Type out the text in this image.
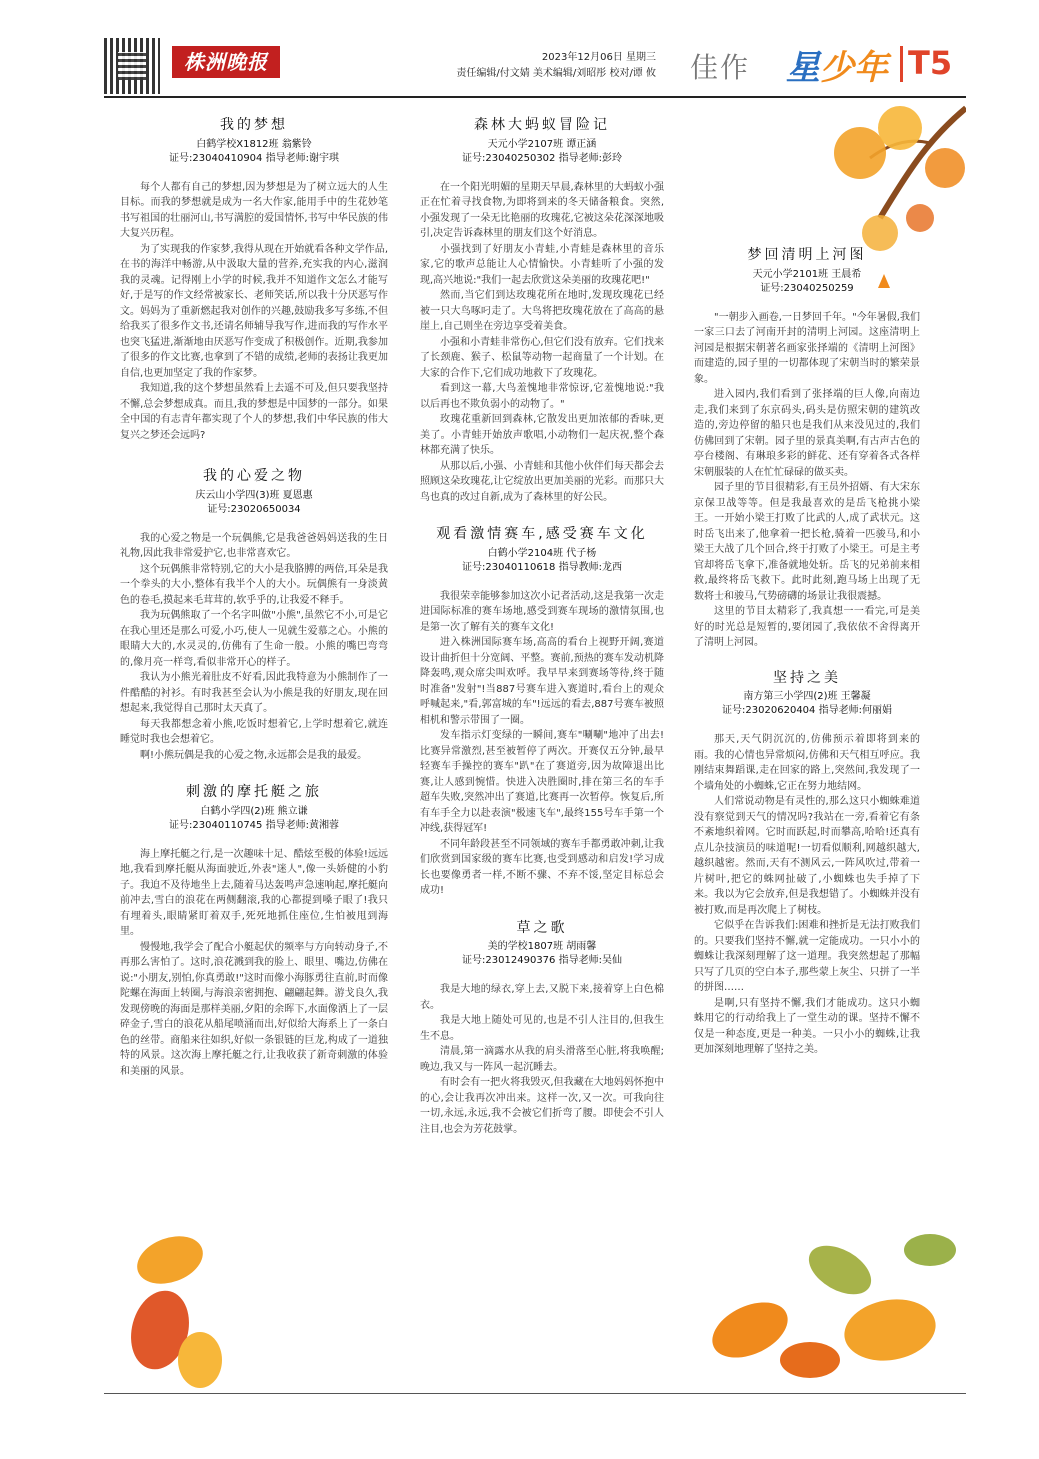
株洲晚报	2023年12月06日 星期三
责任编辑/付文婧 美术编辑/刘昭彤 校对/谭 攸 佳作 星少年 T5
我的梦想
白鹤学校X1812班 翁紫铃
证号:23040410904 指导老师:谢宇琪

每个人都有自己的梦想,因为梦想是为了树立远大的人生目标。而我的梦想就是成为一名大作家,能用手中的生花妙笔书写祖国的壮丽河山,书写满腔的爱国情怀,书写中华民族的伟大复兴历程。

为了实现我的作家梦,我得从现在开始就看各种文学作品,在书的海洋中畅游,从中汲取大量的营养,充实我的内心,滋润我的灵魂。记得刚上小学的时候,我并不知道作文怎么才能写好,于是写的作文经常被家长、老师笑话,所以我十分厌恶写作文。妈妈为了重新燃起我对创作的兴趣,鼓励我多写多练,不但给我买了很多作文书,还请名师辅导我写作,进而我的写作水平也突飞猛进,渐渐地由厌恶写作变成了积极创作。近期,我参加了很多的作文比赛,也拿到了不错的成绩,老师的表扬让我更加自信,也更加坚定了我的作家梦。

我知道,我的这个梦想虽然看上去遥不可及,但只要我坚持不懈,总会梦想成真。而且,我的梦想是中国梦的一部分。如果全中国的有志青年都实现了个人的梦想,我们中华民族的伟大复兴之梦还会远吗?

我的心爱之物
庆云山小学四(3)班 夏恩惠
证号:23020650034

我的心爱之物是一个玩偶熊,它是我爸爸妈妈送我的生日礼物,因此我非常爱护它,也非常喜欢它。

这个玩偶熊非常特别,它的大小是我胳膊的两倍,耳朵是我一个拳头的大小,整体有我半个人的大小。玩偶熊有一身淡黄色的卷毛,摸起来毛茸茸的,软乎乎的,让我爱不释手。

我为玩偶熊取了一个名字叫做"小熊",虽然它不小,可是它在我心里还是那么可爱,小巧,使人一见就生爱慕之心。小熊的眼睛大大的,水灵灵的,仿佛有了生命一般。小熊的嘴巴弯弯的,像月亮一样弯,看似非常开心的样子。

我认为小熊光着肚皮不好看,因此我特意为小熊制作了一件酷酷的衬衫。有时我甚至会认为小熊是我的好朋友,现在回想起来,我觉得自己那时太天真了。

每天我都想念着小熊,吃饭时想着它,上学时想着它,就连睡觉时我也会想着它。

啊!小熊玩偶是我的心爱之物,永远都会是我的最爱。

刺激的摩托艇之旅
白鹤小学四(2)班 熊立谦
证号:23040110745 指导老师:黄湘蓉

海上摩托艇之行,是一次趣味十足、酷炫至极的体验!远远地,我看到摩托艇从海面驶近,外表"迷人",像一头娇健的小豹子。我迫不及待地坐上去,随着马达轰鸣声急速响起,摩托艇向前冲去,雪白的浪花在两侧翻滚,我的心都提到嗓子眼了!我只有埋着头,眼睛紧盯着双手,死死地抓住座位,生怕被甩到海里。

慢慢地,我学会了配合小艇起伏的频率与方向转动身子,不再那么害怕了。这时,浪花溅到我的脸上、眼里、嘴边,仿佛在说:"小朋友,别怕,你真勇敢!"这时而像小海豚勇往直前,时而像陀螺在海面上转圈,与海浪亲密拥抱、翩翩起舞。游戈良久,我发现傍晚的海面是那样美丽,夕阳的余晖下,水面像洒上了一层碎金子,雪白的浪花从船尾喷涌而出,好似给大海系上了一条白色的丝带。商船来往如织,好似一条银链的巨龙,构成了一道独特的风景。这次海上摩托艇之行,让我收获了新奇刺激的体验和美丽的风景。

森林大蚂蚁冒险记
天元小学2107班 谭正涵
证号:23040250302 指导老师:彭玲

在一个阳光明媚的星期天早晨,森林里的大蚂蚁小强正在忙着寻找食物,为即将到来的冬天储备粮食。突然,小强发现了一朵无比艳丽的玫瑰花,它被这朵花深深地吸引,决定告诉森林里的朋友们这个好消息。

小强找到了好朋友小青蛙,小青蛙是森林里的音乐家,它的歌声总能让人心情愉快。小青蛙听了小强的发现,高兴地说:"我们一起去欣赏这朵美丽的玫瑰花吧!"

然而,当它们到达玫瑰花所在地时,发现玫瑰花已经被一只大鸟啄叼走了。大鸟将把玫瑰花放在了高高的悬崖上,自己则坐在旁边享受着美食。

小强和小青蛙非常伤心,但它们没有放弃。它们找来了长颈鹿、猴子、松鼠等动物一起商量了一个计划。在大家的合作下,它们成功地救下了玫瑰花。

看到这一幕,大鸟羞愧地非常惊讶,它羞愧地说:"我以后再也不欺负弱小的动物了。"

玫瑰花重新回到森林,它散发出更加浓郁的香味,更美了。小青蛙开始放声歌唱,小动物们一起庆祝,整个森林都充满了快乐。

从那以后,小强、小青蛙和其他小伙伴们每天都会去照顾这朵玫瑰花,让它绽放出更加美丽的光彩。而那只大鸟也真的改过自新,成为了森林里的好公民。

观看激情赛车,感受赛车文化
白鹤小学2104班 代子杨
证号:23040110618 指导教师:龙西

我很荣幸能够参加这次小记者活动,这是我第一次走进国际标准的赛车场地,感受到赛车现场的激情氛围,也是第一次了解有关的赛车文化!

进入株洲国际赛车场,高高的看台上视野开阔,赛道设计曲折但十分宽阔、平整。赛前,预热的赛车发动机降降轰鸣,观众席尖叫欢呼。我早早来到赛场等待,终于随时准备"发射"!当887号赛车进入赛道时,看台上的观众呼喊起来,"看,郭富城的车"!远远的看去,887号赛车被照相机和警示带围了一圈。

发车指示灯变绿的一瞬间,赛车"唰唰"地冲了出去!比赛异常激烈,甚至被暂停了两次。开赛仅五分钟,最早轻赛车手操控的赛车"趴"在了赛道旁,因为故障退出比赛,让人感到惋惜。快进入决胜圈时,排在第三名的车手超车失败,突然冲出了赛道,比赛再一次暂停。恢复后,所有车手全力以赴表演"极速飞车",最终155号车手第一个冲线,获得冠军!

不同年龄段甚至不同领域的赛车手都勇敢冲刺,让我们欣赏到国家级的赛车比赛,也受到感动和启发!学习成长也要像勇者一样,不断不骤、不弃不馁,坚定目标总会成功!

草之歌
美的学校1807班 胡雨馨
证号:23012490376 指导老师:吴仙

我是大地的绿衣,穿上去,又脱下来,接着穿上白色棉衣。

我是大地上随处可见的,也是不引人注目的,但我生生不息。

清晨,第一滴露水从我的肩头滑落至心脏,将我唤醒;晚边,我又与一阵风一起沉睡去。

有时会有一把火将我毁灭,但我藏在大地妈妈怀抱中的心,会让我再次冲出来。这样一次,又一次。可我向往一切,永远,永远,我不会被它们折弯了腰。即使会不引人注目,也会为芳花鼓掌。

梦回清明上河图
天元小学2101班 王晨希
证号:23040250259

"一朝步入画卷,一日梦回千年。"今年暑假,我们一家三口去了河南开封的清明上河园。这座清明上河园是根据宋朝著名画家张择端的《清明上河图》而建造的,园子里的一切都体现了宋朝当时的繁荣景象。

进入园内,我们看到了张择端的巨人像,向南边走,我们来到了东京码头,码头是仿照宋朝的建筑改造的,旁边停留的船只也是我们从来没见过的,我们仿佛回到了宋朝。园子里的景真美啊,有古声古色的亭台楼阁、有琳琅多彩的鲜花、还有穿着各式各样宋朝服装的人在忙忙碌碌的做买卖。

园子里的节目很精彩,有王员外招婿、有大宋东京保卫战等等。但是我最喜欢的是岳飞枪挑小梁王。一开始小梁王打败了比武的人,成了武状元。这时岳飞出来了,他拿着一把长枪,骑着一匹骏马,和小梁王大战了几个回合,终于打败了小梁王。可是主考官却将岳飞拿下,准备就地处斩。岳飞的兄弟前来相救,最终将岳飞救下。此时此刻,跑马场上出现了无数将士和骏马,气势磅礴的场景让我很震撼。

这里的节目太精彩了,我真想一一看完,可是美好的时光总是短暂的,要闭园了,我依依不舍得离开了清明上河园。

坚持之美
南方第三小学四(2)班 王馨凝
证号:23020620404 指导老师:何丽娟

那天,天气阴沉沉的,仿佛预示着即将到来的雨。我的心情也异常烦闷,仿佛和天气相互呼应。我刚结束舞蹈课,走在回家的路上,突然间,我发现了一个墙角处的小蜘蛛,它正在努力地结网。

人们常说动物是有灵性的,那么这只小蜘蛛难道没有察觉到天气的情况吗?我站在一旁,看着它有条不紊地织着网。它时而跃起,时而攀高,哈哈!还真有点儿杂技演员的味道呢!一切看似顺利,网越织越大,越织越密。然而,天有不测风云,一阵风吹过,带着一片树叶,把它的蛛网扯破了,小蜘蛛也失手掉了下来。我以为它会放弃,但是我想错了。小蜘蛛并没有被打败,而是再次爬上了树枝。

它似乎在告诉我们:困难和挫折是无法打败我们的。只要我们坚持不懈,就一定能成功。一只小小的蜘蛛让我深刻理解了这一道理。我突然想起了那幅只写了几页的空白本子,那些蒙上灰尘、只拼了一半的拼图……

是啊,只有坚持不懈,我们才能成功。这只小蜘蛛用它的行动给我上了一堂生动的课。坚持不懈不仅是一种态度,更是一种美。一只小小的蜘蛛,让我更加深刻地理解了坚持之美。
